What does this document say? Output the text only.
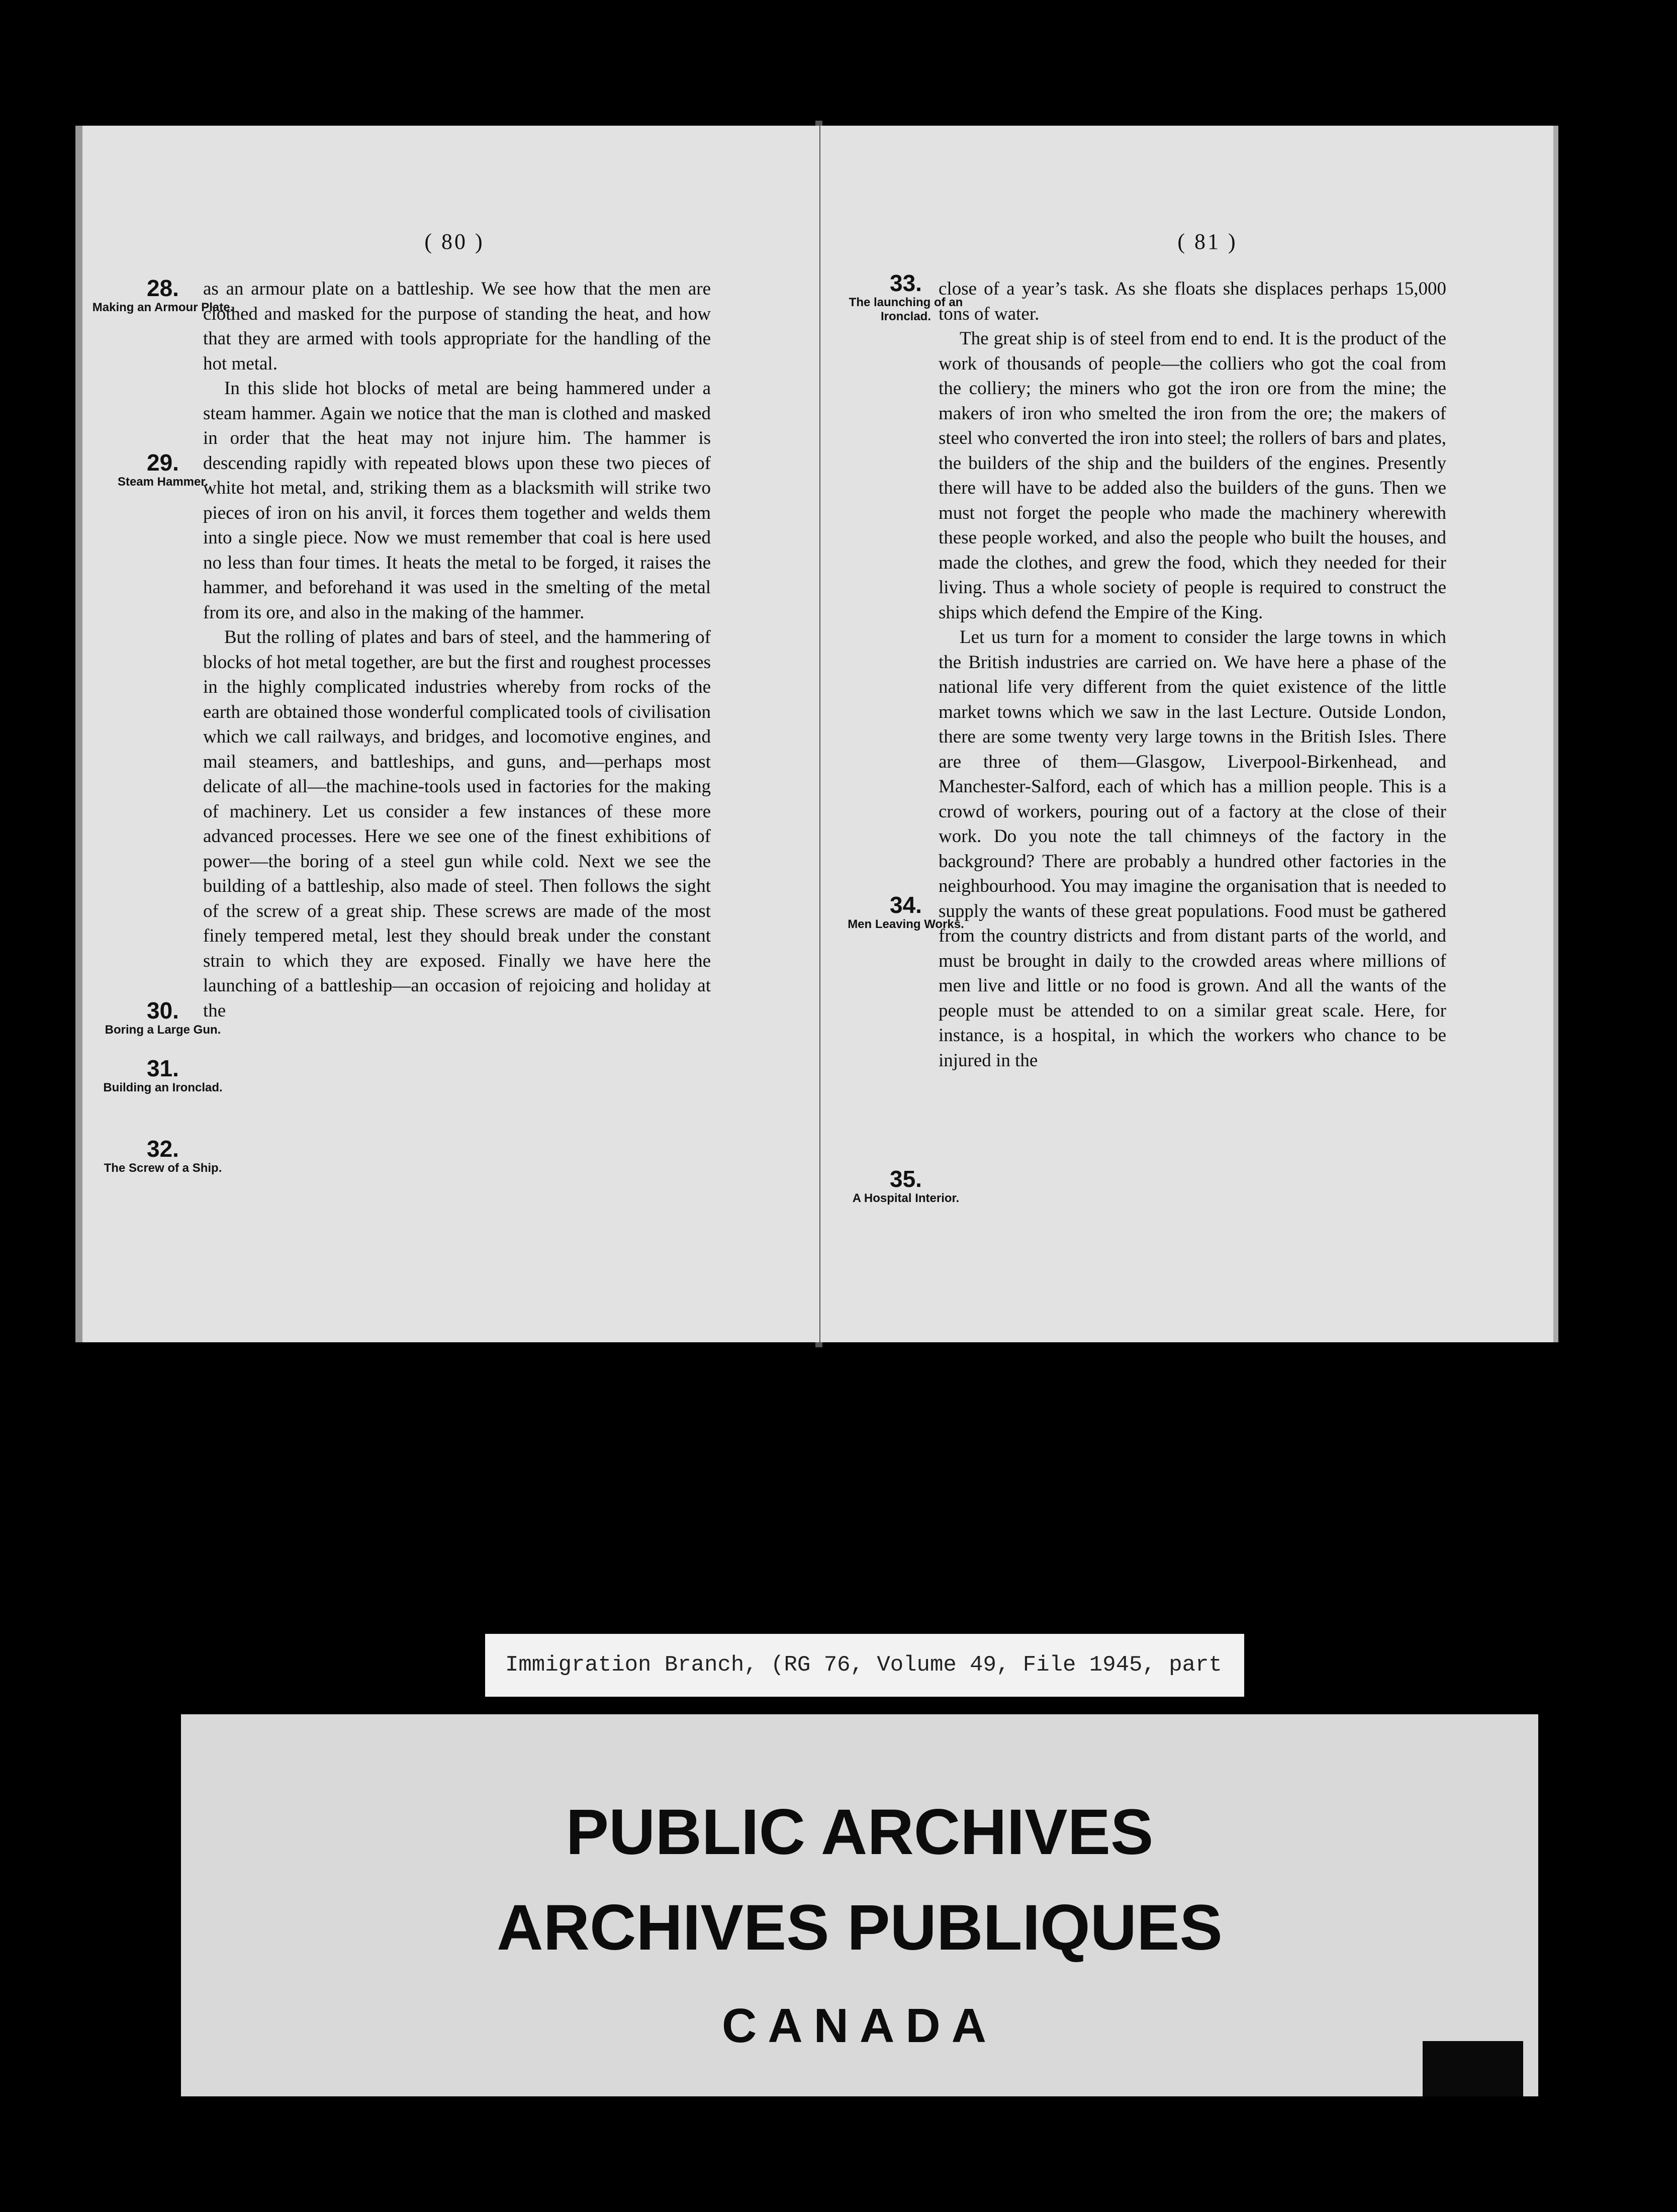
( 80 )
28.
Making an Armour Plate.
29.
Steam Hammer.
30.
Boring a Large Gun.
31.
Building an Ironclad.
32.
The Screw of a Ship.

as an armour plate on a battleship. We see how that the men are clothed and masked for the purpose of standing the heat, and how that they are armed with tools appropriate for the handling of the hot metal.

In this slide hot blocks of metal are being hammered under a steam hammer. Again we notice that the man is clothed and masked in order that the heat may not injure him. The hammer is descending rapidly with repeated blows upon these two pieces of white hot metal, and, striking them as a blacksmith will strike two pieces of iron on his anvil, it forces them together and welds them into a single piece. Now we must remember that coal is here used no less than four times. It heats the metal to be forged, it raises the hammer, and beforehand it was used in the smelting of the metal from its ore, and also in the making of the hammer.

But the rolling of plates and bars of steel, and the hammering of blocks of hot metal together, are but the first and roughest processes in the highly complicated industries whereby from rocks of the earth are obtained those wonderful complicated tools of civilisation which we call railways, and bridges, and locomotive engines, and mail steamers, and battleships, and guns, and—perhaps most delicate of all—the machine-tools used in factories for the making of machinery. Let us consider a few instances of these more advanced processes. Here we see one of the finest exhibitions of power—the boring of a steel gun while cold. Next we see the building of a battleship, also made of steel. Then follows the sight of the screw of a great ship. These screws are made of the most finely tempered metal, lest they should break under the constant strain to which they are exposed. Finally we have here the launching of a battleship—an occasion of rejoicing and holiday at the

( 81 )
33.
The launching of an Ironclad.
34.
Men Leaving Works.
35.
A Hospital Interior.

close of a year’s task. As she floats she displaces perhaps 15,000 tons of water.

The great ship is of steel from end to end. It is the product of the work of thousands of people—the colliers who got the coal from the colliery; the miners who got the iron ore from the mine; the makers of iron who smelted the iron from the ore; the makers of steel who converted the iron into steel; the rollers of bars and plates, the builders of the ship and the builders of the engines. Presently there will have to be added also the builders of the guns. Then we must not forget the people who made the machinery wherewith these people worked, and also the people who built the houses, and made the clothes, and grew the food, which they needed for their living. Thus a whole society of people is required to construct the ships which defend the Empire of the King.

Let us turn for a moment to consider the large towns in which the British industries are carried on. We have here a phase of the national life very different from the quiet existence of the little market towns which we saw in the last Lecture. Outside London, there are some twenty very large towns in the British Isles. There are three of them—Glasgow, Liverpool-Birkenhead, and Manchester-Salford, each of which has a million people. This is a crowd of workers, pouring out of a factory at the close of their work. Do you note the tall chimneys of the factory in the background? There are probably a hundred other factories in the neighbourhood. You may imagine the organisation that is needed to supply the wants of these great populations. Food must be gathered from the country districts and from distant parts of the world, and must be brought in daily to the crowded areas where millions of men live and little or no food is grown. And all the wants of the people must be attended to on a similar great scale. Here, for instance, is a hospital, in which the workers who chance to be injured in the

Immigration Branch, (RG 76, Volume 49, File 1945, part
PUBLIC ARCHIVES
ARCHIVES PUBLIQUES
CANADA
